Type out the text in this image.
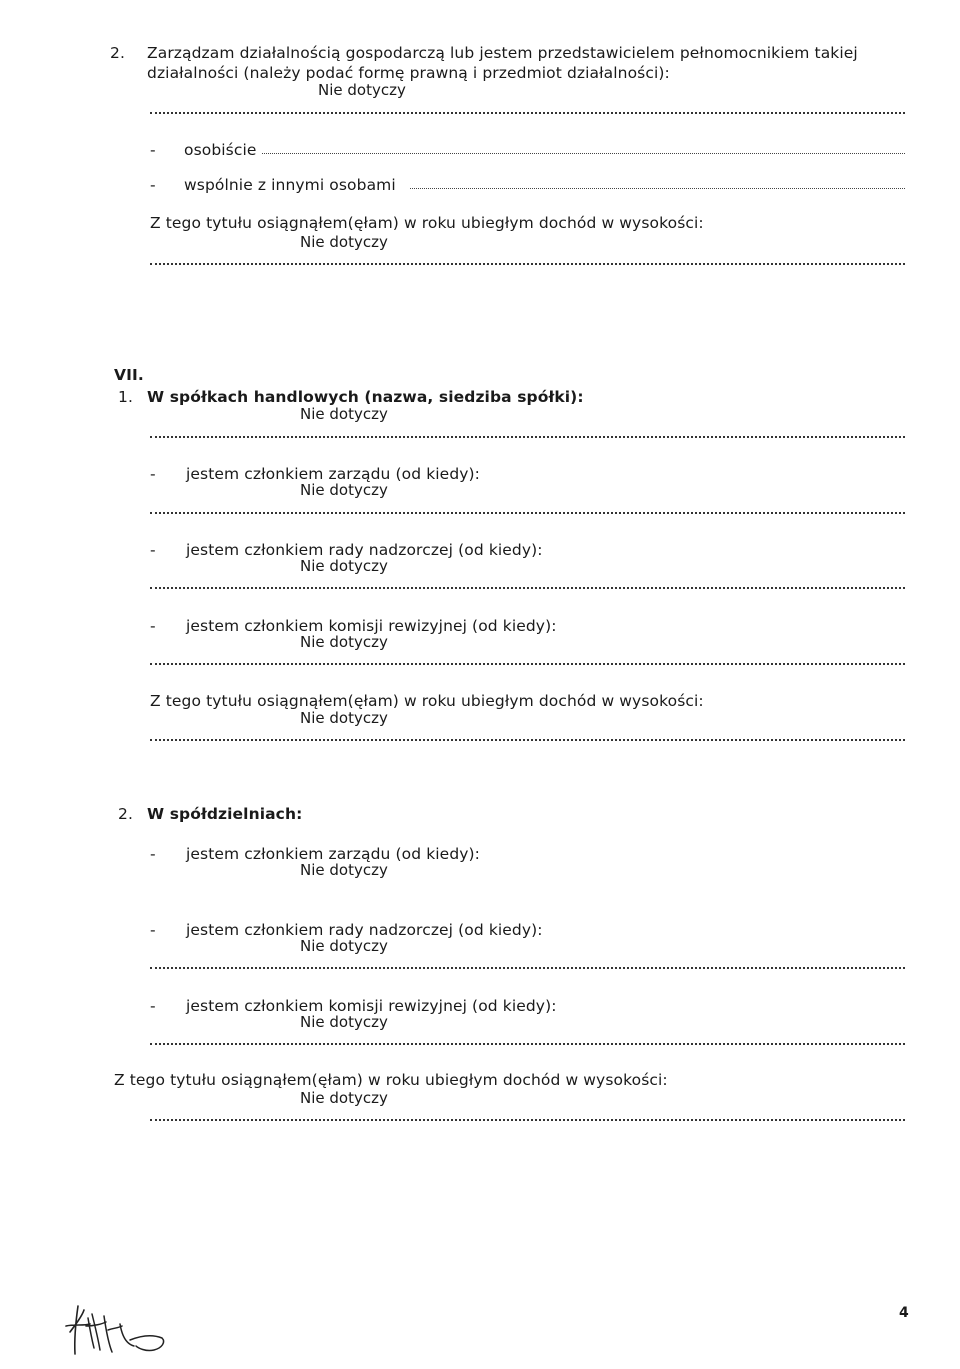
2. Zarządzam działalnością gospodarczą lub jestem przedstawicielem pełnomocnikiem takiej
działalności (należy podać formę prawną i przedmiot działalności):
Nie dotyczy
- osobiście
- wspólnie z innymi osobami
Z tego tytułu osiągnąłem(ęłam) w roku ubiegłym dochód w wysokości:
Nie dotyczy
VII.
1. W spółkach handlowych (nazwa, siedziba spółki):
Nie dotyczy
- jestem członkiem zarządu (od kiedy):
Nie dotyczy
- jestem członkiem rady nadzorczej (od kiedy):
Nie dotyczy
- jestem członkiem komisji rewizyjnej (od kiedy):
Nie dotyczy
Z tego tytułu osiągnąłem(ęłam) w roku ubiegłym dochód w wysokości:
Nie dotyczy
2. W spółdzielniach:
- jestem członkiem zarządu (od kiedy):
Nie dotyczy
- jestem członkiem rady nadzorczej (od kiedy):
Nie dotyczy
- jestem członkiem komisji rewizyjnej (od kiedy):
Nie dotyczy
Z tego tytułu osiągnąłem(ęłam) w roku ubiegłym dochód w wysokości:
Nie dotyczy
4
